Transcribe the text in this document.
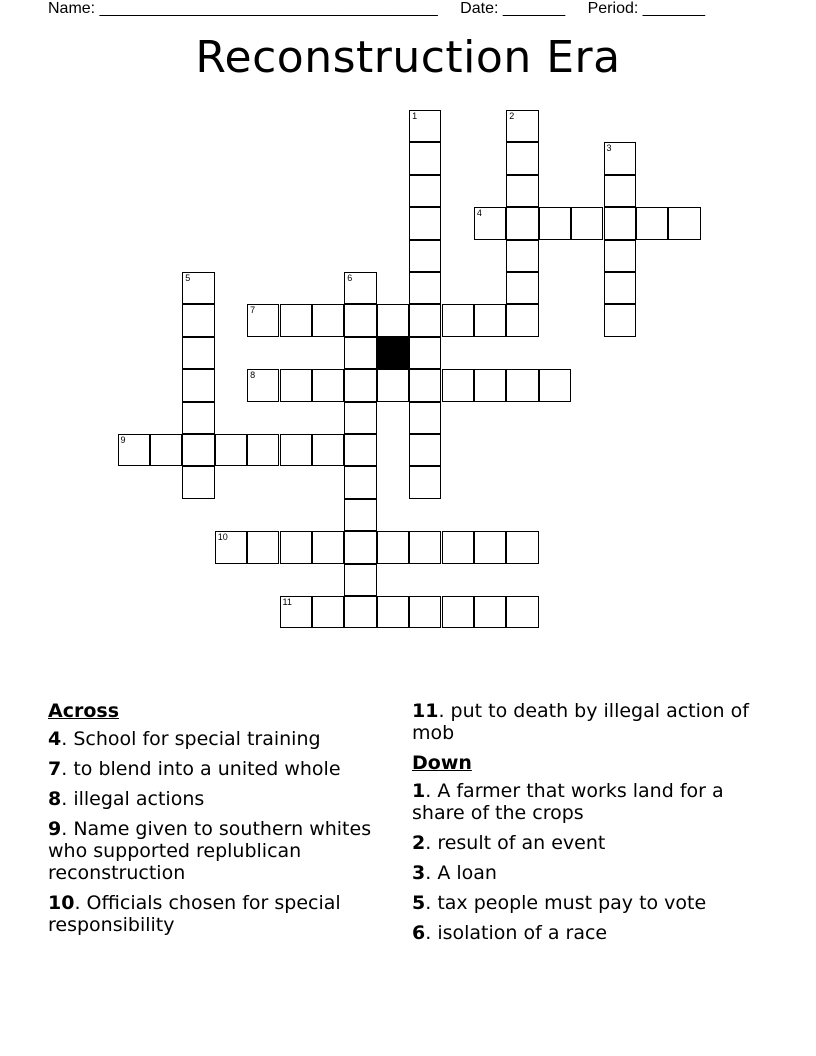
Name: ______________________________________ Date: _______ Period: _______
Reconstruction Era
1	2
3
4
5	6
7
8
9
10
11
Across
4. School for special training
7. to blend into a united whole
8. illegal actions
9. Name given to southern whites who supported replublican reconstruction
10. Officials chosen for special responsibility
11. put to death by illegal action of mob
Down
1. A farmer that works land for a share of the crops
2. result of an event
3. A loan
5. tax people must pay to vote
6. isolation of a race
